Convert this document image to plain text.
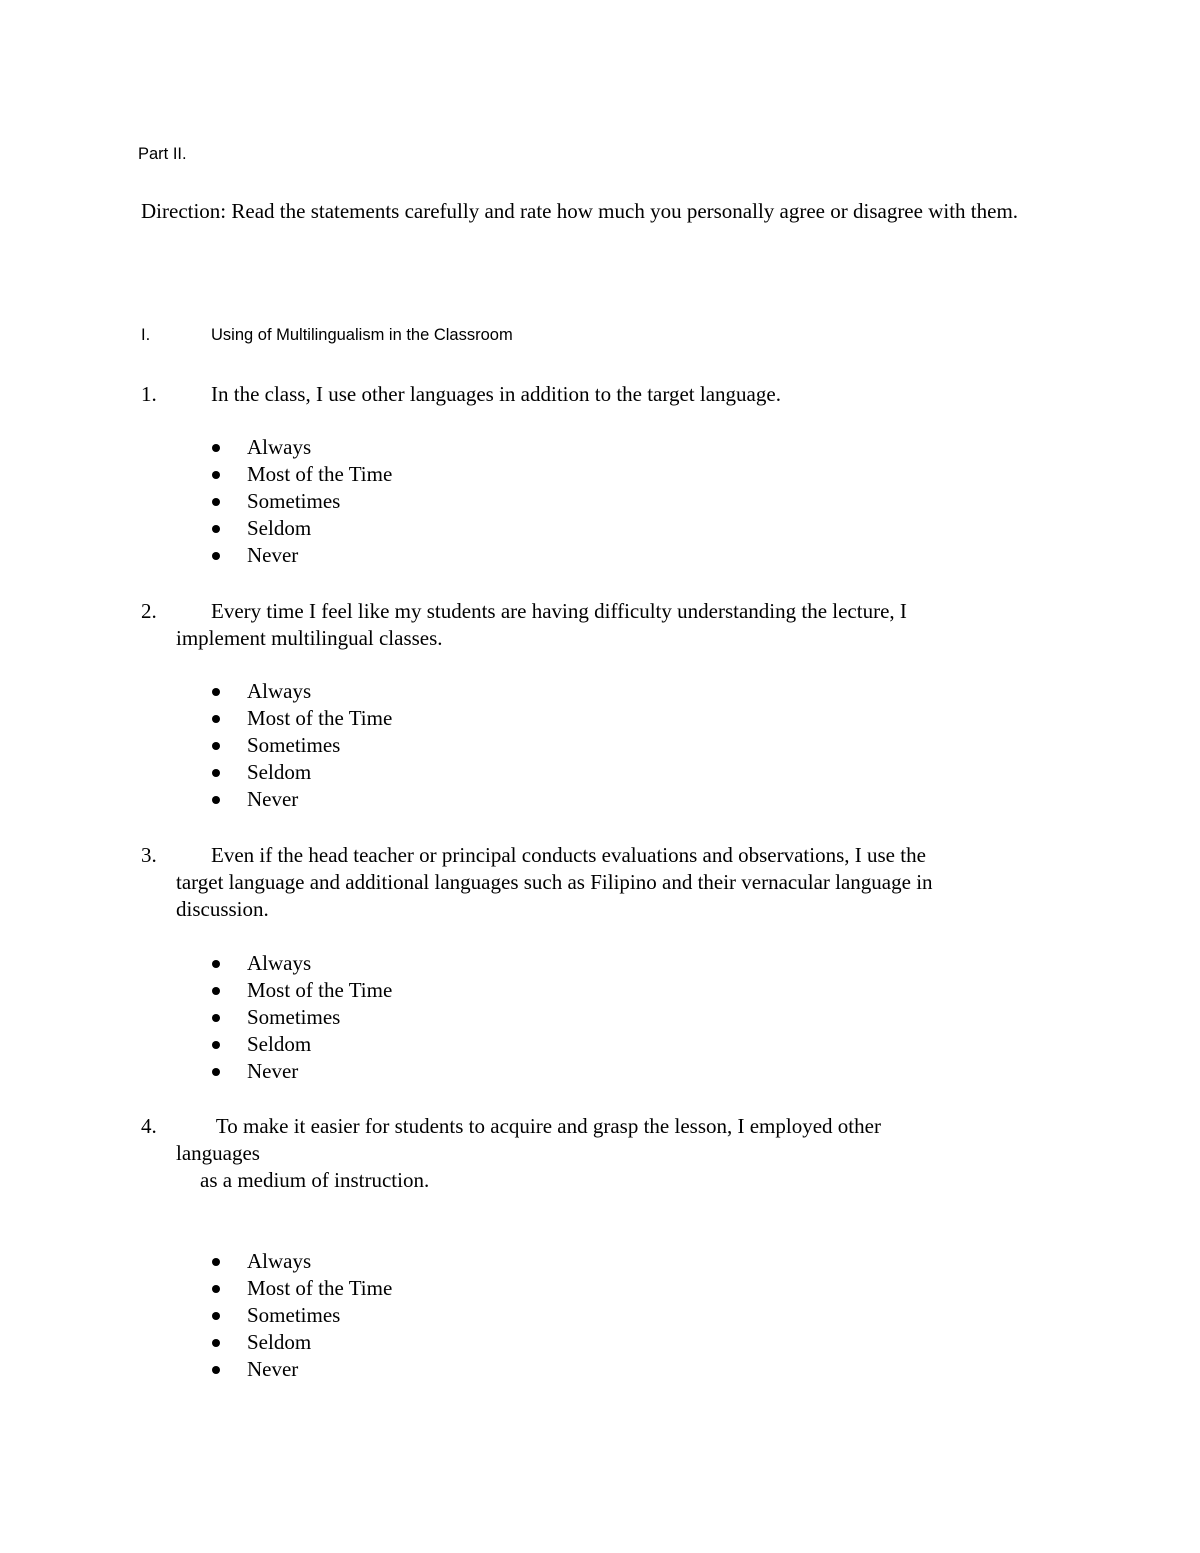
Part II.

Direction: Read the statements carefully and rate how much you personally agree or disagree with them.

I.	Using of Multilingualism in the Classroom
1.	In the class, I use other languages in addition to the target language.
Always
Most of the Time
Sometimes
Seldom
Never
2.	Every time I feel like my students are having difficulty understanding the lecture, I
implement multilingual classes.
Always
Most of the Time
Sometimes
Seldom
Never
3.	Even if the head teacher or principal conducts evaluations and observations, I use the
target language and additional languages such as Filipino and their vernacular language in
discussion.
Always
Most of the Time
Sometimes
Seldom
Never
4.	To make it easier for students to acquire and grasp the lesson, I employed other
languages
as a medium of instruction.
Always
Most of the Time
Sometimes
Seldom
Never
